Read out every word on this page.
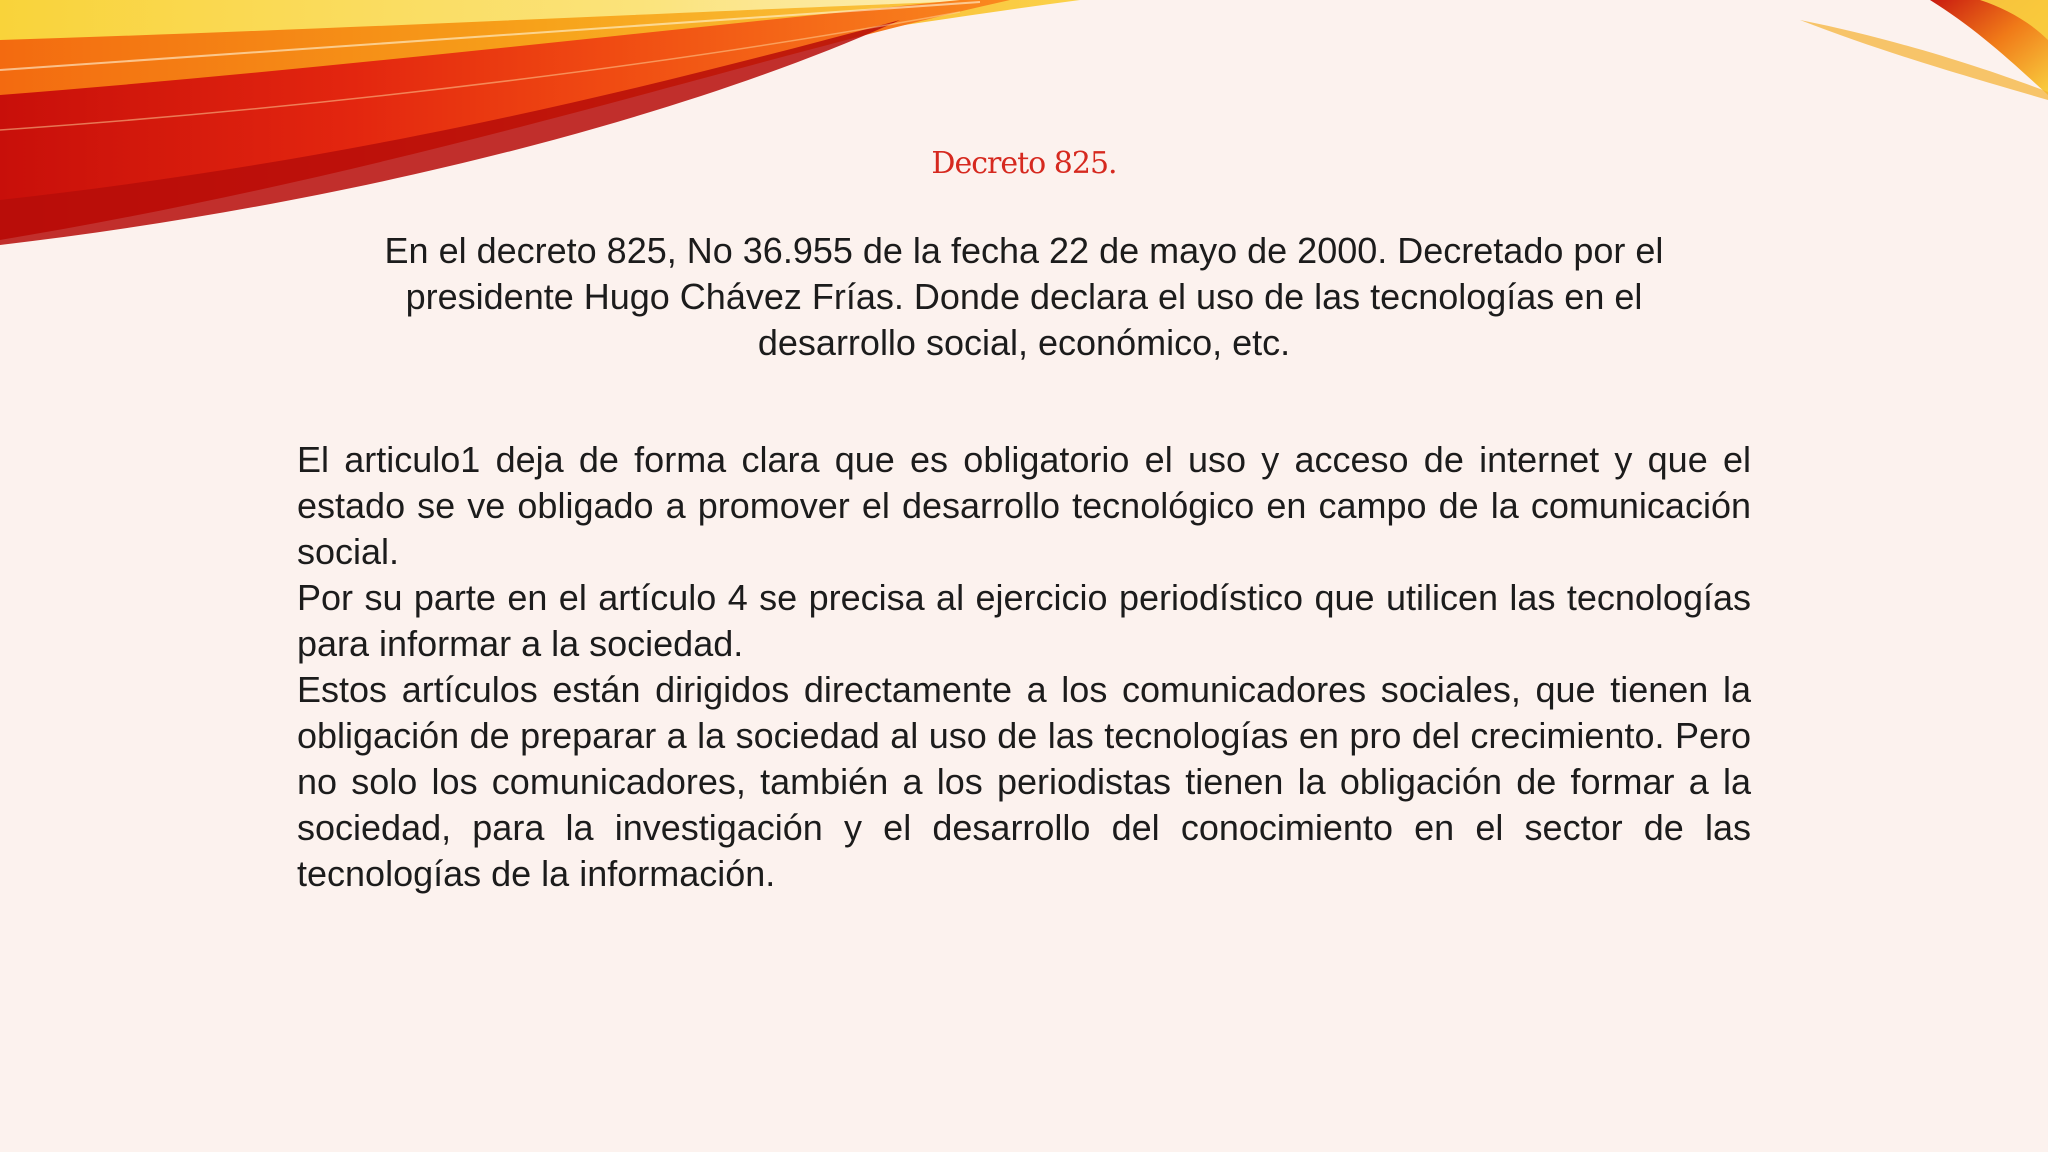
Decreto 825.

En el decreto 825, No 36.955 de la fecha 22 de mayo de 2000. Decretado por el presidente Hugo Chávez Frías. Donde declara el uso de las tecnologías en el desarrollo social, económico, etc.

El articulo1 deja de forma clara que es obligatorio el uso y acceso de internet y que el estado se ve obligado a promover el desarrollo tecnológico en campo de la comunicación social.

Por su parte en el artículo 4 se precisa al ejercicio periodístico que utilicen las tecnologías para informar a la sociedad.

Estos artículos están dirigidos directamente a los comunicadores sociales, que tienen la obligación de preparar a la sociedad al uso de las tecnologías en pro del crecimiento. Pero no solo los comunicadores, también a los periodistas tienen la obligación de formar a la sociedad, para la investigación y el desarrollo del conocimiento en el sector de las tecnologías de la información.
